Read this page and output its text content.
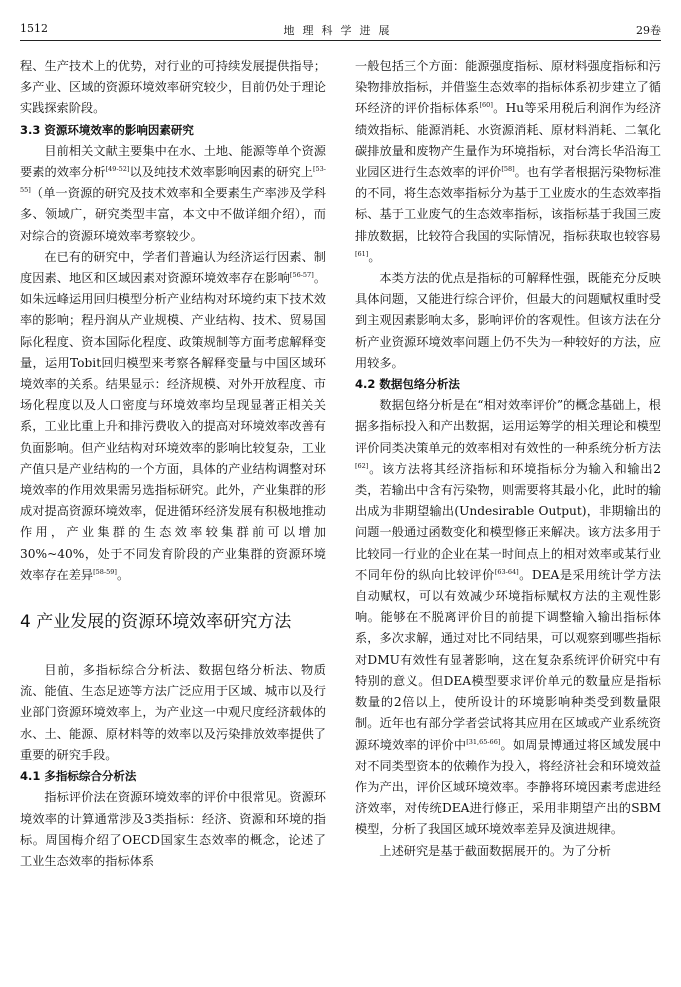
1512	地理科学进展	29卷

程、生产技术上的优势，对行业的可持续发展提供指导；多产业、区域的资源环境效率研究较少，目前仍处于理论实践探索阶段。

3.3 资源环境效率的影响因素研究

目前相关文献主要集中在水、土地、能源等单个资源要素的效率分析[49-52]以及纯技术效率影响因素的研究上[53-55]（单一资源的研究及技术效率和全要素生产率涉及学科多、领域广，研究类型丰富，本文中不做详细介绍），而对综合的资源环境效率考察较少。

在已有的研究中，学者们普遍认为经济运行因素、制度因素、地区和区域因素对资源环境效率存在影响[56-57]。如朱远峰运用回归模型分析产业结构对环境约束下技术效率的影响；程丹润从产业规模、产业结构、技术、贸易国际化程度、资本国际化程度、政策规制等方面考虑解释变量，运用Tobit回归模型来考察各解释变量与中国区域环境效率的关系。结果显示：经济规模、对外开放程度、市场化程度以及人口密度与环境效率均呈现显著正相关关系，工业比重上升和排污费收入的提高对环境效率改善有负面影响。但产业结构对环境效率的影响比较复杂，工业产值只是产业结构的一个方面，具体的产业结构调整对环境效率的作用效果需另选指标研究。此外，产业集群的形成对提高资源环境效率，促进循环经济发展有积极地推动作用，产业集群的生态效率较集群前可以增加30%~40%，处于不同发育阶段的产业集群的资源环境效率存在差异[58-59]。

4 产业发展的资源环境效率研究方法

目前，多指标综合分析法、数据包络分析法、物质流、能值、生态足迹等方法广泛应用于区域、城市以及行业部门资源环境效率上，为产业这一中观尺度经济载体的水、土、能源、原材料等的效率以及污染排放效率提供了重要的研究手段。

4.1 多指标综合分析法

指标评价法在资源环境效率的评价中很常见。资源环境效率的计算通常涉及3类指标：经济、资源和环境的指标。周国梅介绍了OECD国家生态效率的概念，论述了工业生态效率的指标体系

一般包括三个方面：能源强度指标、原材料强度指标和污染物排放指标，并借鉴生态效率的指标体系初步建立了循环经济的评价指标体系[60]。Hu等采用税后利润作为经济绩效指标、能源消耗、水资源消耗、原材料消耗、二氧化碳排放量和废物产生量作为环境指标，对台湾长华沿海工业园区进行生态效率的评价[58]。也有学者根据污染物标准的不同，将生态效率指标分为基于工业废水的生态效率指标、基于工业废气的生态效率指标，该指标基于我国三废排放数据，比较符合我国的实际情况，指标获取也较容易[61]。

本类方法的优点是指标的可解释性强，既能充分反映具体问题，又能进行综合评价，但最大的问题赋权重时受到主观因素影响太多，影响评价的客观性。但该方法在分析产业资源环境效率问题上仍不失为一种较好的方法，应用较多。

4.2 数据包络分析法

数据包络分析是在“相对效率评价”的概念基础上，根据多指标投入和产出数据，运用运筹学的相关理论和模型评价同类决策单元的效率相对有效性的一种系统分析方法[62]。该方法将其经济指标和环境指标分为输入和输出2类，若输出中含有污染物，则需要将其最小化，此时的输出成为非期望输出(Undesirable Output)，非期输出的问题一般通过函数变化和模型修正来解决。该方法多用于比较同一行业的企业在某一时间点上的相对效率或某行业不同年份的纵向比较评价[63-64]。DEA是采用统计学方法自动赋权，可以有效减少环境指标赋权方法的主观性影响。能够在不脱离评价目的前提下调整输入输出指标体系，多次求解，通过对比不同结果，可以观察到哪些指标对DMU有效性有显著影响，这在复杂系统评价研究中有特别的意义。但DEA模型要求评价单元的数量应是指标数量的2倍以上，使所设计的环境影响种类受到数量限制。近年也有部分学者尝试将其应用在区域或产业系统资源环境效率的评价中[31,65-66]。如周景博通过将区域发展中对不同类型资本的依赖作为投入，将经济社会和环境效益作为产出，评价区域环境效率。李静将环境因素考虑进经济效率，对传统DEA进行修正，采用非期望产出的SBM模型，分析了我国区域环境效率差异及演进规律。

上述研究是基于截面数据展开的。为了分析
